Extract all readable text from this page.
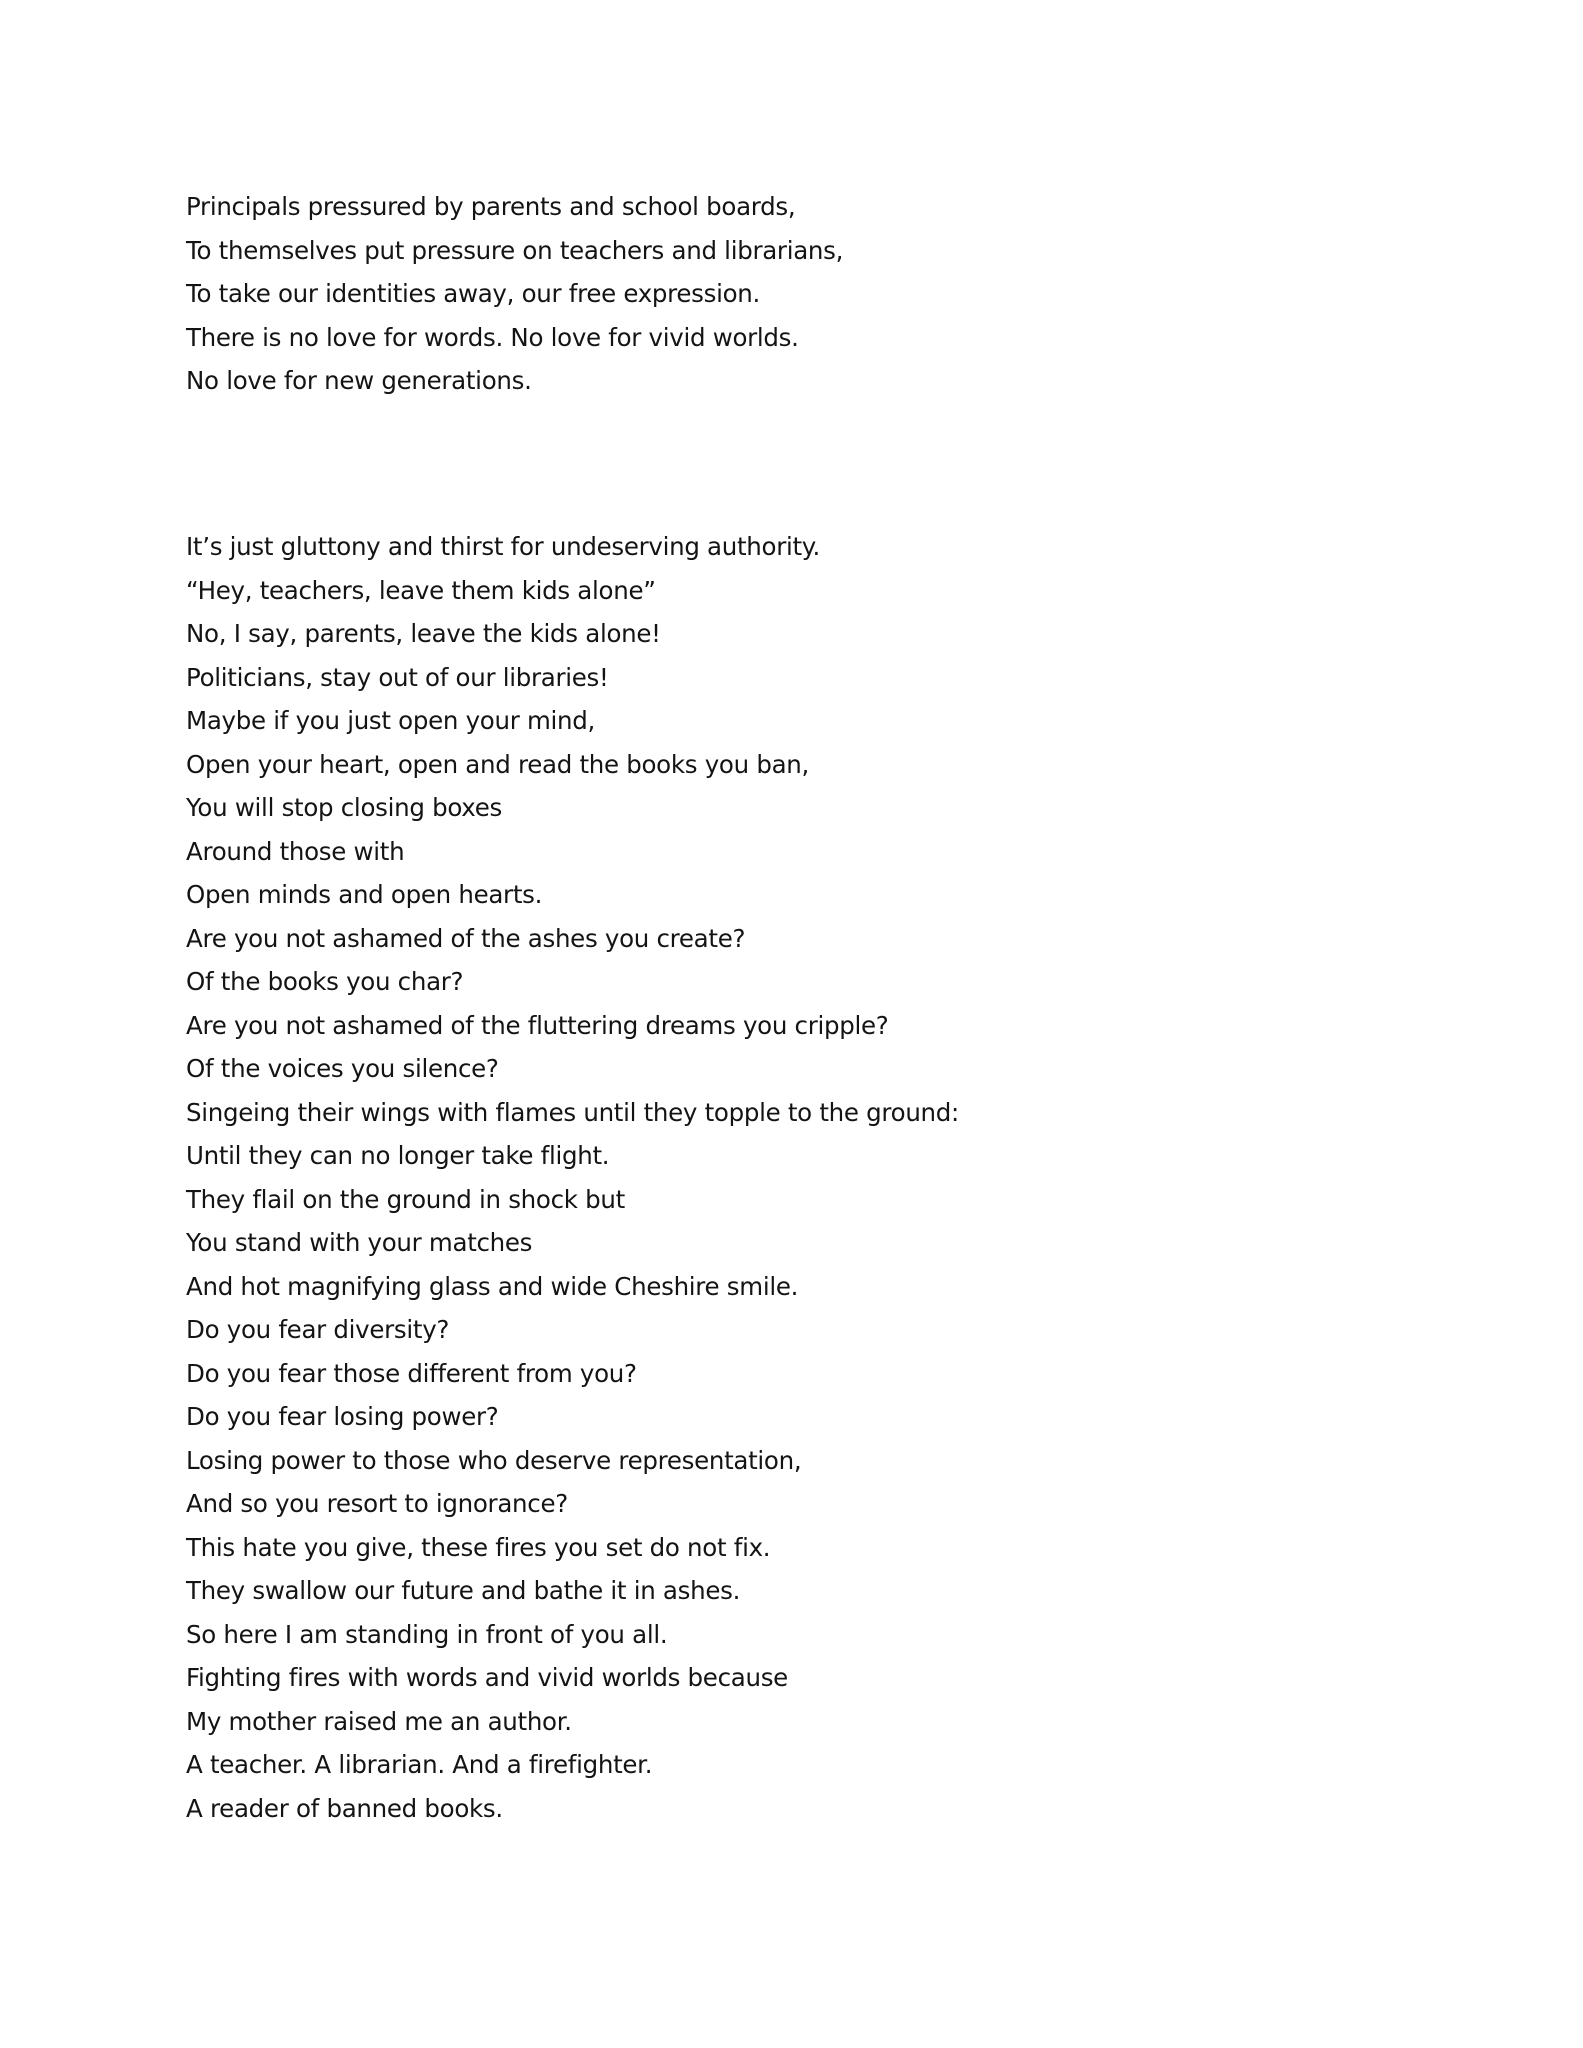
Principals pressured by parents and school boards,
To themselves put pressure on teachers and librarians,
To take our identities away, our free expression.
There is no love for words. No love for vivid worlds.
No love for new generations.
It’s just gluttony and thirst for undeserving authority.
“Hey, teachers, leave them kids alone”
No, I say, parents, leave the kids alone!
Politicians, stay out of our libraries!
Maybe if you just open your mind,
Open your heart, open and read the books you ban,
You will stop closing boxes
Around those with
Open minds and open hearts.
Are you not ashamed of the ashes you create?
Of the books you char?
Are you not ashamed of the fluttering dreams you cripple?
Of the voices you silence?
Singeing their wings with flames until they topple to the ground:
Until they can no longer take flight.
They flail on the ground in shock but
You stand with your matches
And hot magnifying glass and wide Cheshire smile.
Do you fear diversity?
Do you fear those different from you?
Do you fear losing power?
Losing power to those who deserve representation,
And so you resort to ignorance?
This hate you give, these fires you set do not fix.
They swallow our future and bathe it in ashes.
So here I am standing in front of you all.
Fighting fires with words and vivid worlds because
My mother raised me an author.
A teacher. A librarian. And a firefighter.
A reader of banned books.
